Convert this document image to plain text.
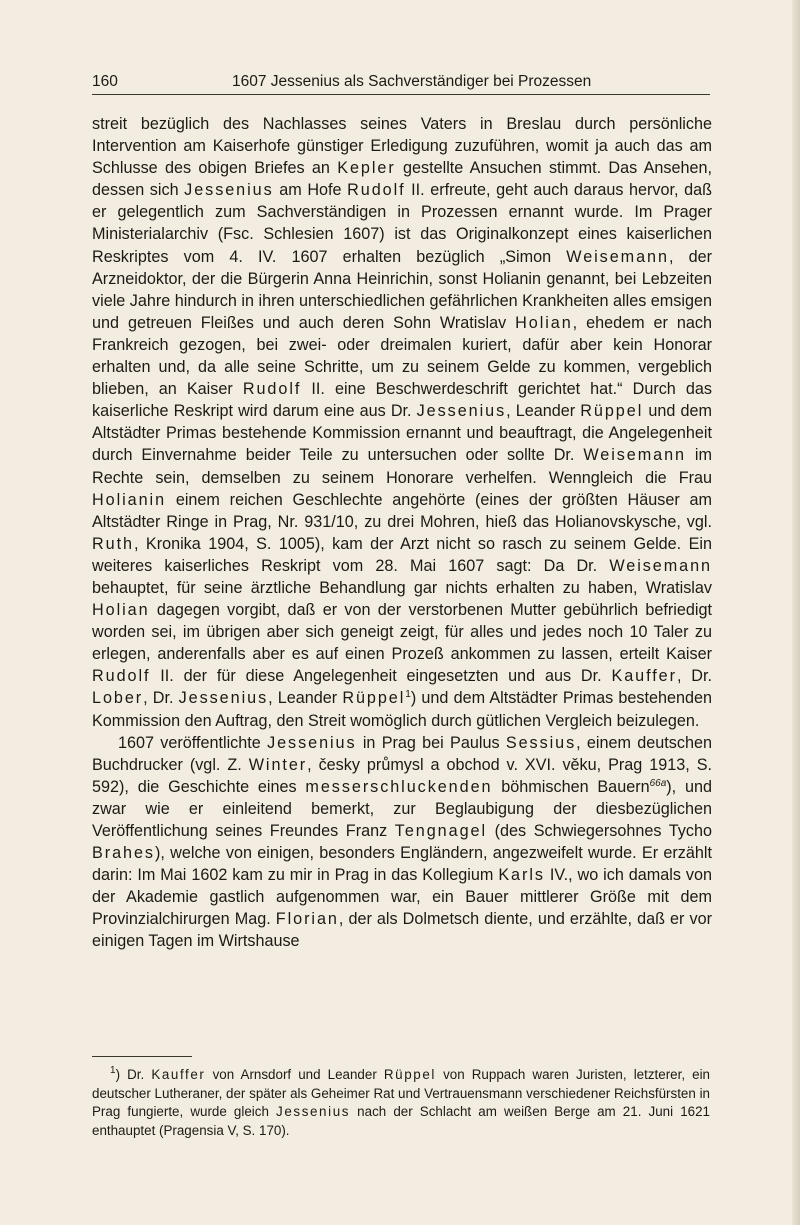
160	1607 Jessenius als Sachverständiger bei Prozessen

streit bezüglich des Nachlasses seines Vaters in Breslau durch persönliche Intervention am Kaiserhofe günstiger Erledigung zuzuführen, womit ja auch das am Schlusse des obigen Briefes an Kepler gestellte Ansuchen stimmt. Das Ansehen, dessen sich Jessenius am Hofe Rudolf II. erfreute, geht auch daraus hervor, daß er gelegentlich zum Sachverständigen in Prozessen ernannt wurde. Im Prager Ministerialarchiv (Fsc. Schlesien 1607) ist das Originalkonzept eines kaiserlichen Reskriptes vom 4. IV. 1607 erhalten bezüglich „Simon Weisemann, der Arzneidoktor, der die Bürgerin Anna Heinrichin, sonst Holianin genannt, bei Lebzeiten viele Jahre hindurch in ihren unterschiedlichen gefährlichen Krankheiten alles emsigen und getreuen Fleißes und auch deren Sohn Wratislav Holian, ehedem er nach Frankreich gezogen, bei zwei- oder dreimalen kuriert, dafür aber kein Honorar erhalten und, da alle seine Schritte, um zu seinem Gelde zu kommen, vergeblich blieben, an Kaiser Rudolf II. eine Beschwerdeschrift gerichtet hat.“ Durch das kaiserliche Reskript wird darum eine aus Dr. Jessenius, Leander Rüppel und dem Altstädter Primas bestehende Kommission ernannt und beauftragt, die Angelegenheit durch Einvernahme beider Teile zu untersuchen oder sollte Dr. Weisemann im Rechte sein, demselben zu seinem Honorare verhelfen. Wenngleich die Frau Holianin einem reichen Geschlechte angehörte (eines der größten Häuser am Altstädter Ringe in Prag, Nr. 931/10, zu drei Mohren, hieß das Holianovskysche, vgl. Ruth, Kronika 1904, S. 1005), kam der Arzt nicht so rasch zu seinem Gelde. Ein weiteres kaiserliches Reskript vom 28. Mai 1607 sagt: Da Dr. Weisemann behauptet, für seine ärztliche Behandlung gar nichts erhalten zu haben, Wratislav Holian dagegen vorgibt, daß er von der verstorbenen Mutter gebührlich befriedigt worden sei, im übrigen aber sich geneigt zeigt, für alles und jedes noch 10 Taler zu erlegen, anderenfalls aber es auf einen Prozeß ankommen zu lassen, erteilt Kaiser Rudolf II. der für diese Angelegenheit eingesetzten und aus Dr. Kauffer, Dr. Lober, Dr. Jessenius, Leander Rüppel$^1$) und dem Altstädter Primas bestehenden Kommission den Auftrag, den Streit womöglich durch gütlichen Vergleich beizulegen.

1607 veröffentlichte Jessenius in Prag bei Paulus Sessius, einem deutschen Buchdrucker (vgl. Z. Winter, česky průmysl a obchod v. XVI. věku, Prag 1913, S. 592), die Geschichte eines messerschluckenden böhmischen Bauern$^{66a}$), und zwar wie er einleitend bemerkt, zur Beglaubigung der diesbezüglichen Veröffentlichung seines Freundes Franz Tengnagel (des Schwiegersohnes Tycho Brahes), welche von einigen, besonders Engländern, angezweifelt wurde. Er erzählt darin: Im Mai 1602 kam zu mir in Prag in das Kollegium Karls IV., wo ich damals von der Akademie gastlich aufgenommen war, ein Bauer mittlerer Größe mit dem Provinzialchirurgen Mag. Florian, der als Dolmetsch diente, und erzählte, daß er vor einigen Tagen im Wirtshause

$^1$) Dr. Kauffer von Arnsdorf und Leander Rüppel von Ruppach waren Juristen, letzterer, ein deutscher Lutheraner, der später als Geheimer Rat und Vertrauensmann verschiedener Reichsfürsten in Prag fungierte, wurde gleich Jessenius nach der Schlacht am weißen Berge am 21. Juni 1621 enthauptet (Pragensia V, S. 170).
